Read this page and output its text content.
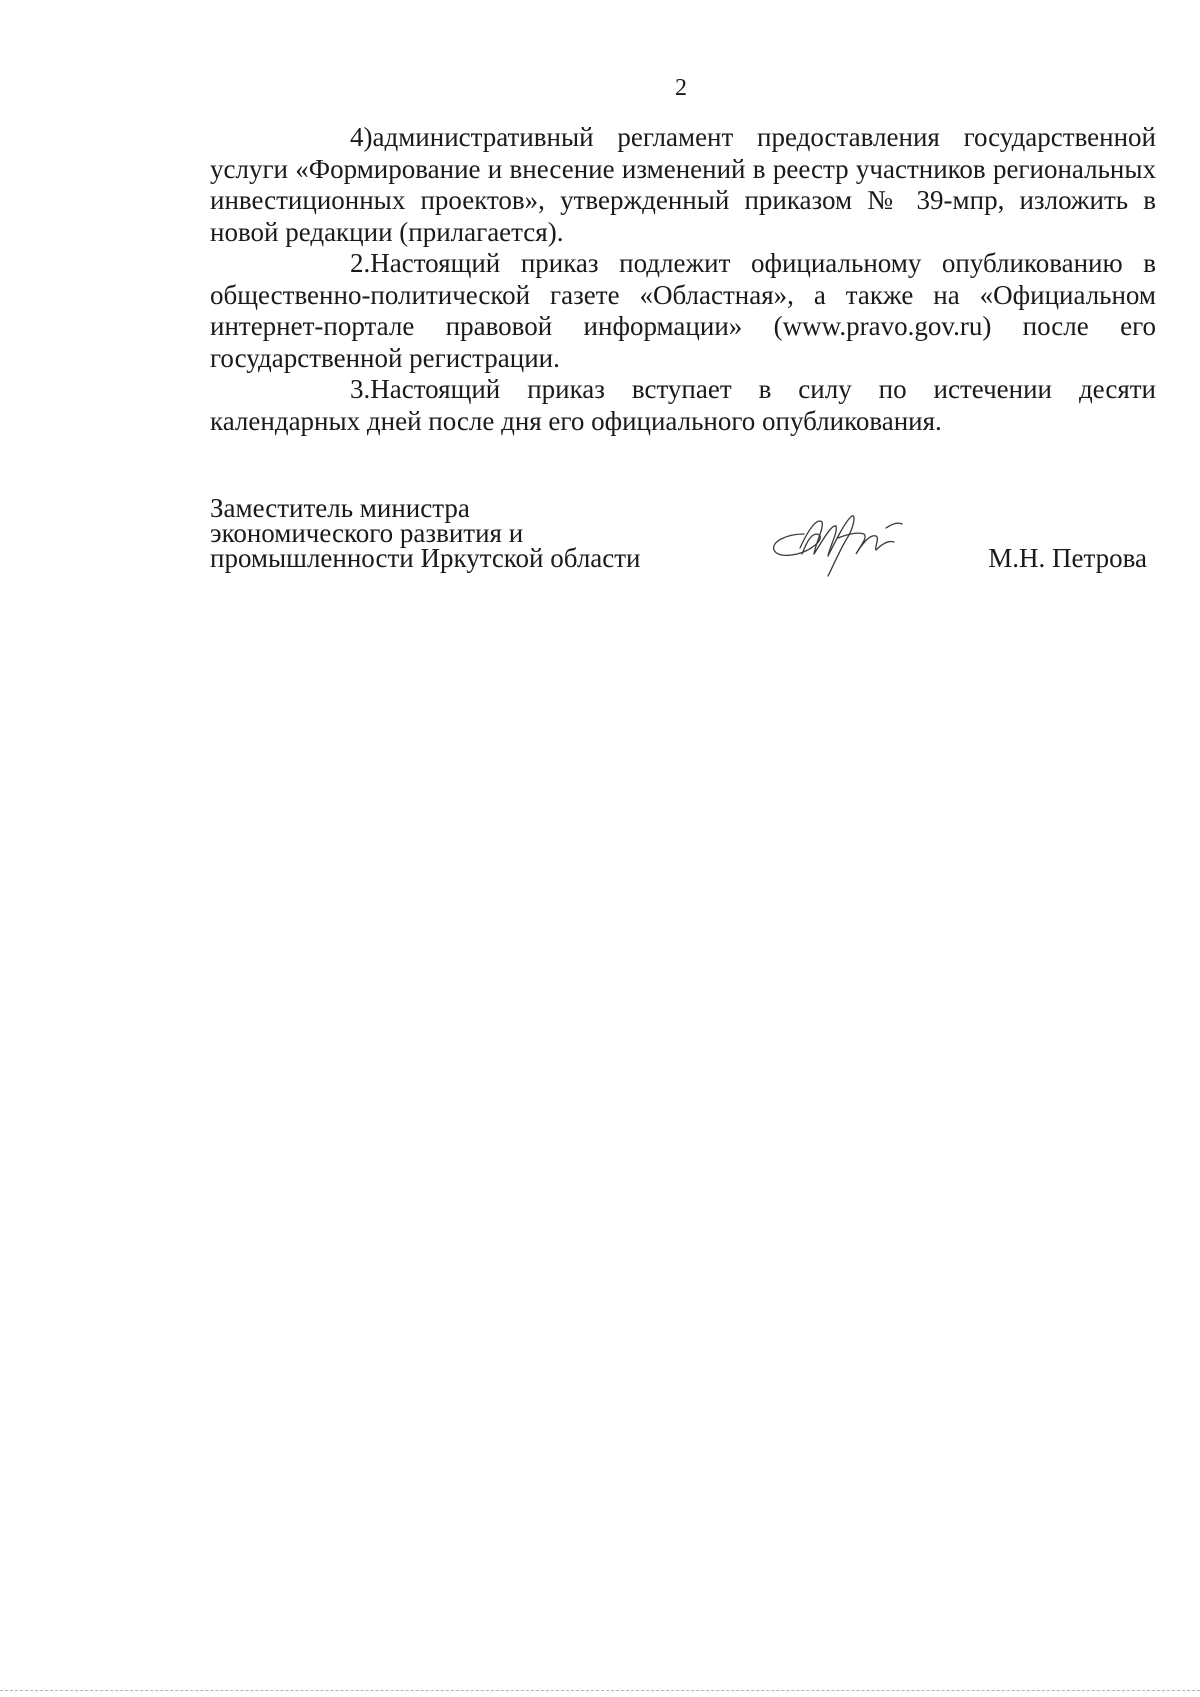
2

4)административный регламент предоставления государственной услуги «Формирование и внесение изменений в реестр участников региональных инвестиционных проектов», утвержденный приказом № 39-мпр, изложить в новой редакции (прилагается).

2.Настоящий приказ подлежит официальному опубликованию в общественно-политической газете «Областная», а также на «Официальном интернет-портале правовой информации» (www.pravo.gov.ru) после его государственной регистрации.

3.Настоящий приказ вступает в силу по истечении десяти календарных дней после дня его официального опубликования.

Заместитель министра
экономического развития и
промышленности Иркутской области	М.Н. Петрова
